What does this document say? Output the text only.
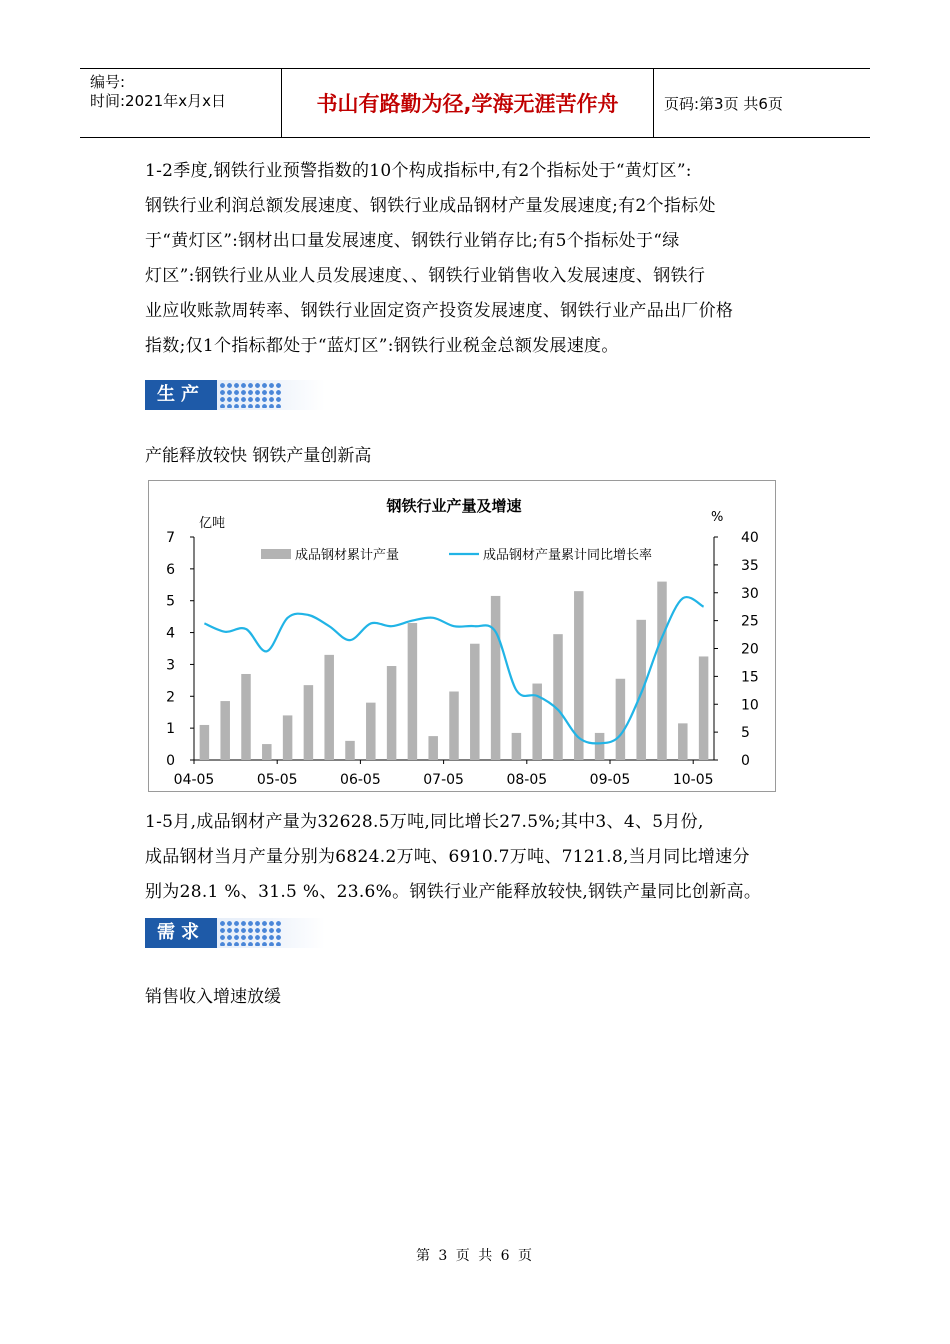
编号:
时间:2021年x月x日	书山有路勤为径,学海无涯苦作舟	页码:第3页 共6页
1-2季度,钢铁行业预警指数的10个构成指标中,有2个指标处于“黄灯区”:
钢铁行业利润总额发展速度、钢铁行业成品钢材产量发展速度;有2个指标处
于“黄灯区”:钢材出口量发展速度、钢铁行业销存比;有5个指标处于“绿
灯区”:钢铁行业从业人员发展速度、、钢铁行业销售收入发展速度、钢铁行
业应收账款周转率、钢铁行业固定资产投资发展速度、钢铁行业产品出厂价格
指数;仅1个指标都处于“蓝灯区”:钢铁行业税金总额发展速度。
生产
产能释放较快 钢铁产量创新高
钢铁行业产量及增速
亿吨	%
0
1
2
3
4
5
6
7
0
5
10
15
20
25
30
35
40
04-05	05-05	06-05	07-05	08-05	09-05	10-05
成品钢材累计产量	成品钢材产量累计同比增长率
1-5月,成品钢材产量为32628.5万吨,同比增长27.5%;其中3、4、5月份,
成品钢材当月产量分别为6824.2万吨、6910.7万吨、7121.8,当月同比增速分
别为28.1 %、31.5 %、23.6%。钢铁行业产能释放较快,钢铁产量同比创新高。
需求
销售收入增速放缓
第 3 页 共 6 页
